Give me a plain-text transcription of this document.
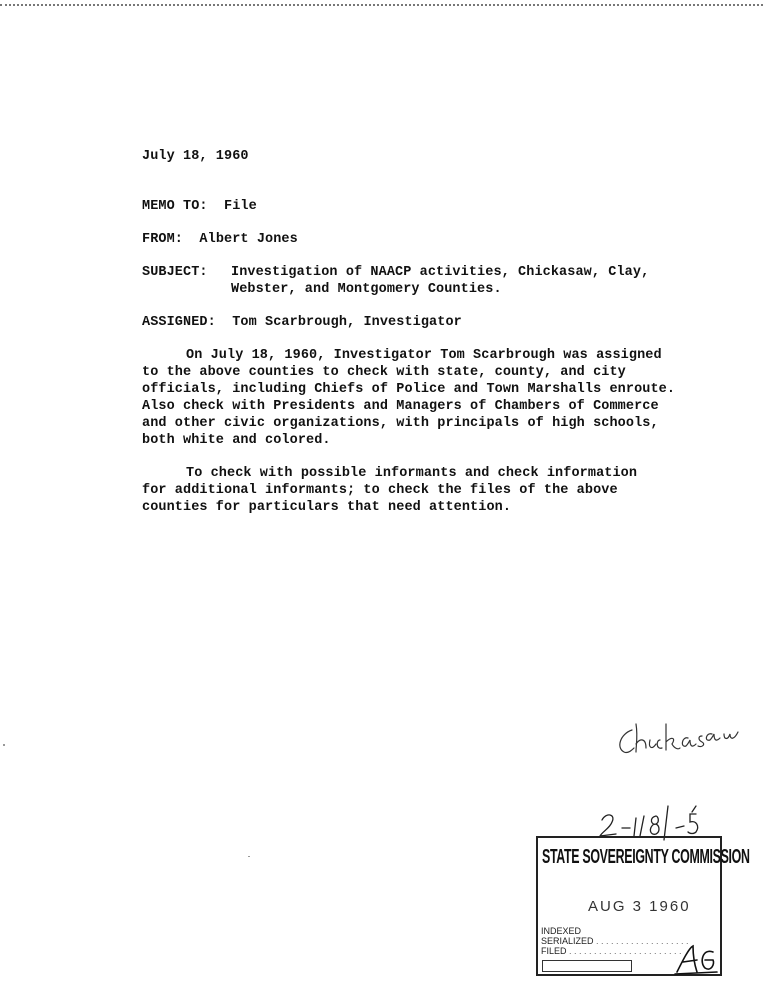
July 18, 1960
MEMO TO: File
FROM: Albert Jones
SUBJECT:	Investigation of NAACP activities, Chickasaw, Clay,
Webster, and Montgomery Counties.
ASSIGNED: Tom Scarbrough, Investigator

On July 18, 1960, Investigator Tom Scarbrough was assigned

to the above counties to check with state, county, and city

officials, including Chiefs of Police and Town Marshalls enroute.

Also check with Presidents and Managers of Chambers of Commerce

and other civic organizations, with principals of high schools,

both white and colored.

To check with possible informants and check information

for additional informants; to check the files of the above

counties for particulars that need attention.

STATE SOVEREIGNTY COMMISSION
AUG 3 1960
INDEXED
SERIALIZED . . . . . . . . . . . . . . . . . . .
FILED . . . . . . . . . . . . . . . . . . . . . . .
